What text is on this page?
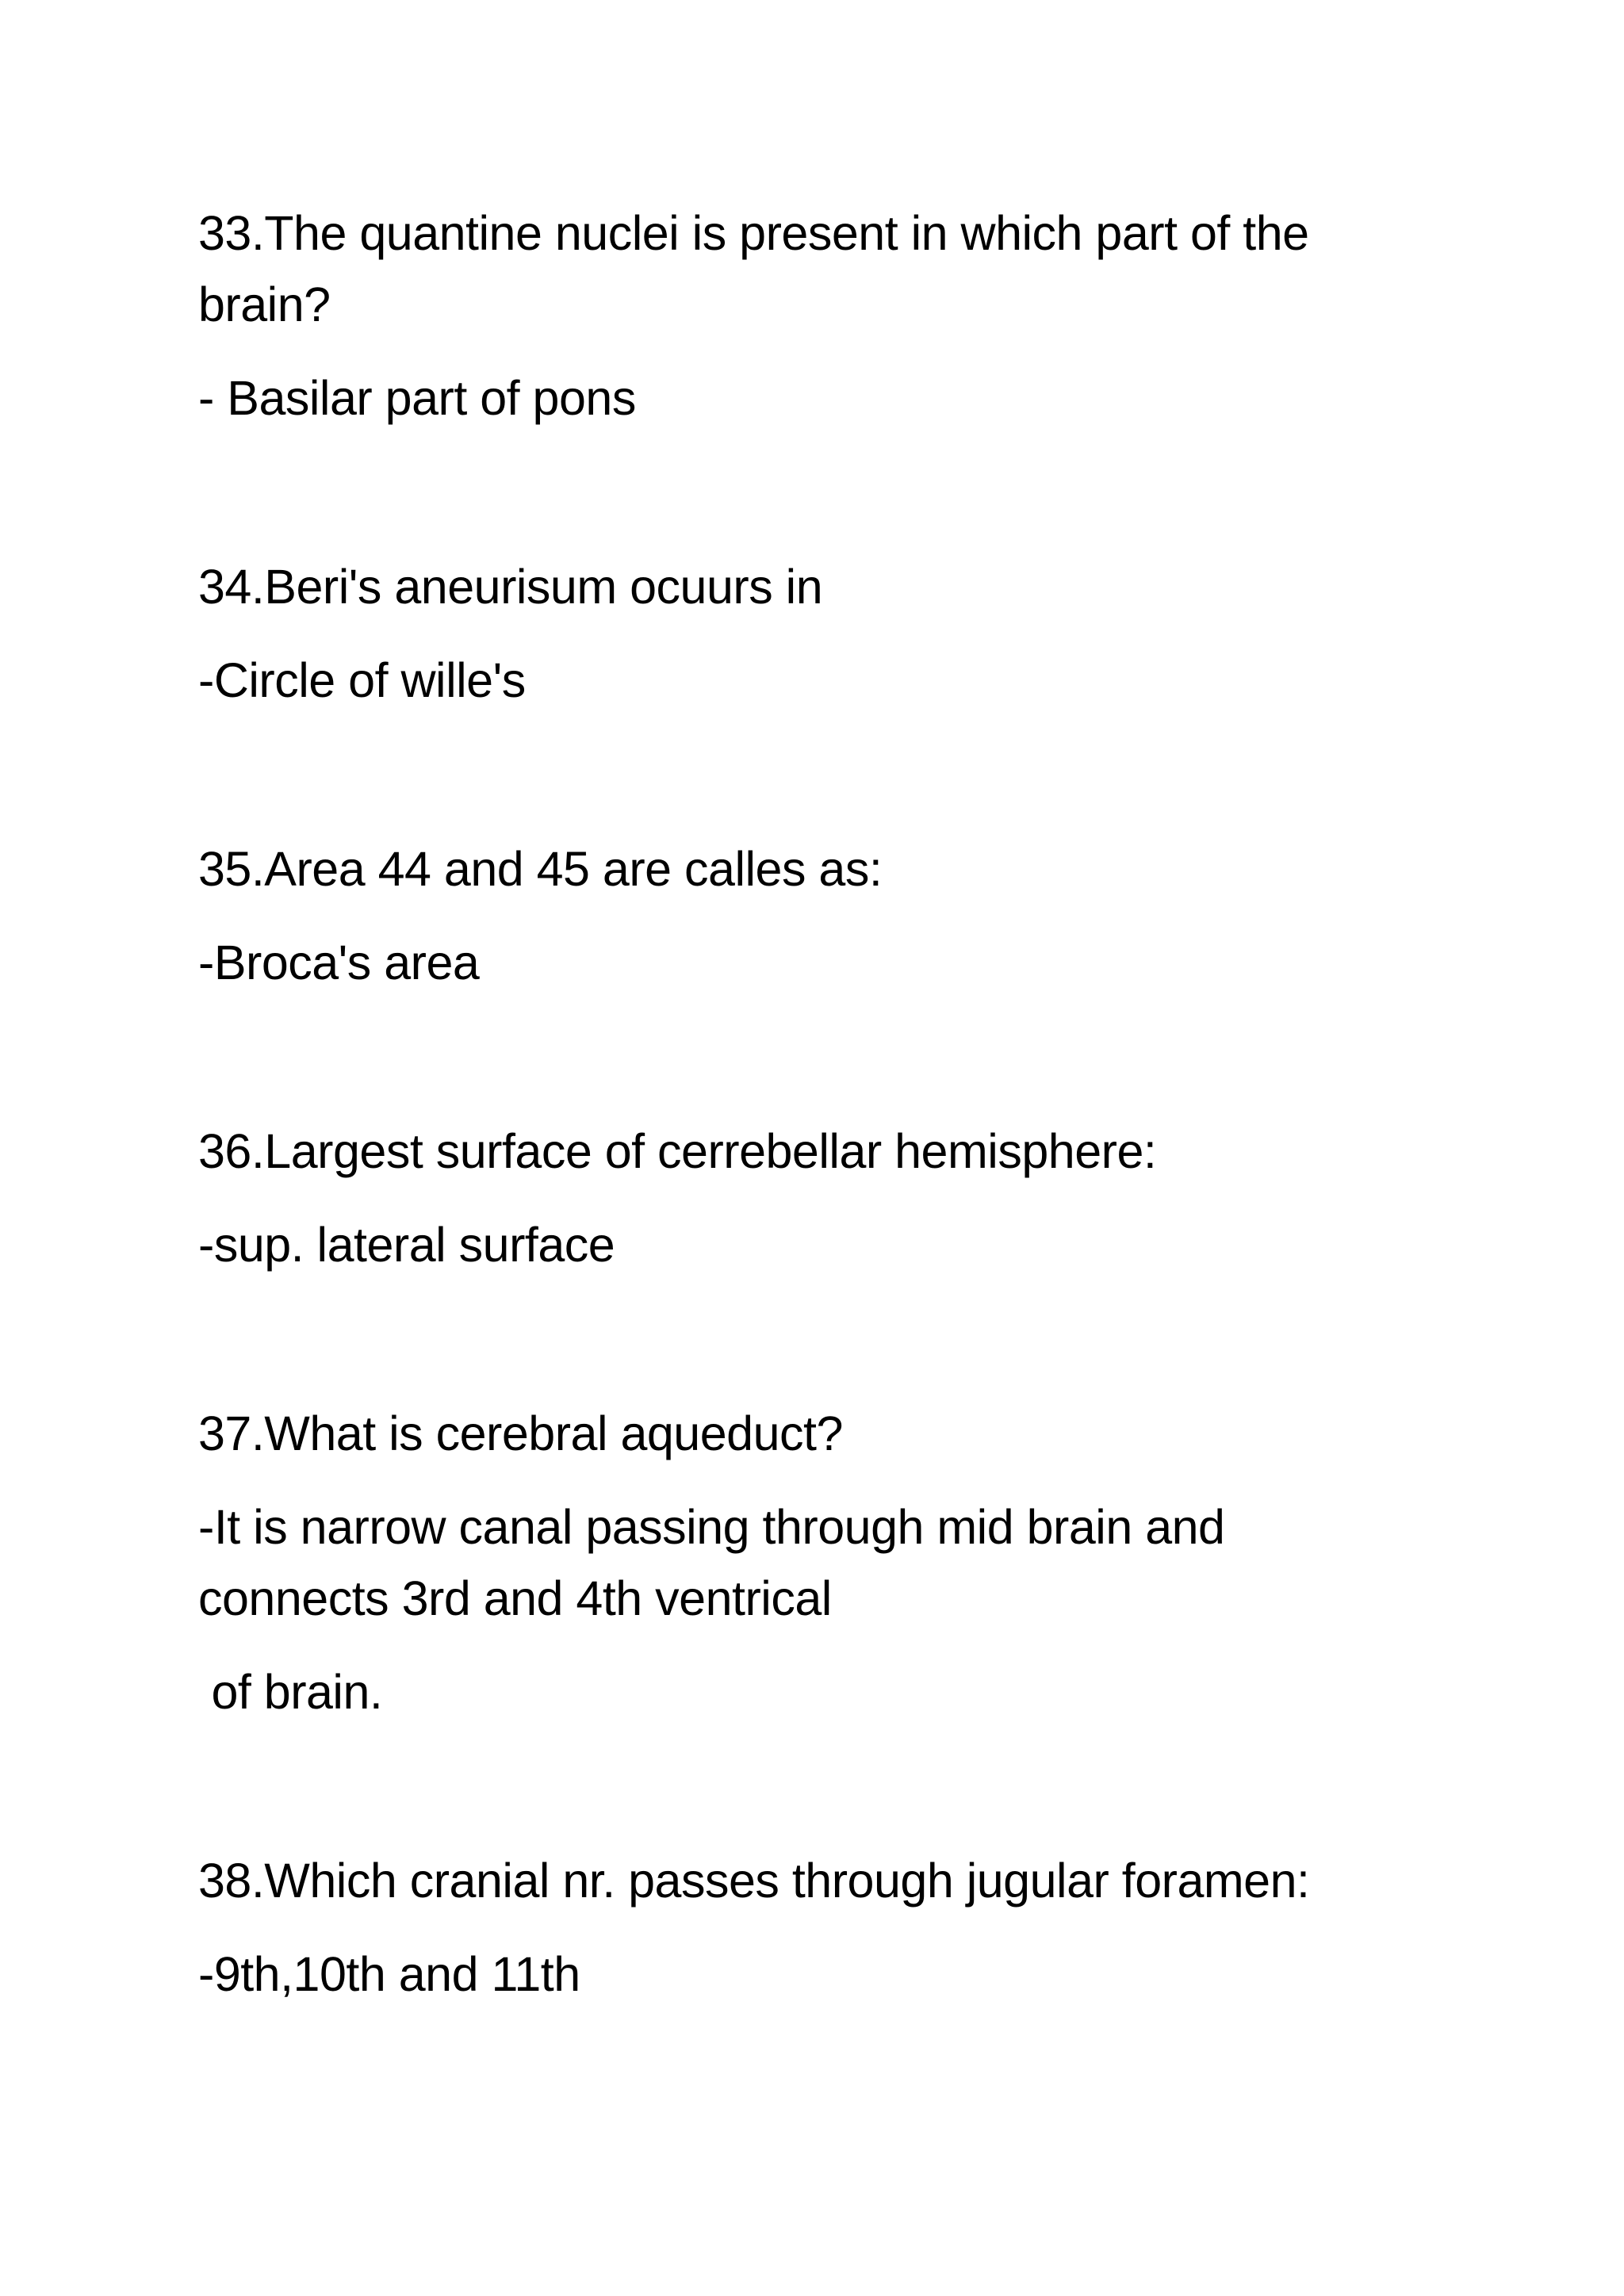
33.The quantine nuclei is present in which part of the

brain?

- Basilar part of pons

34.Beri's aneurisum ocuurs in

-Circle of wille's

35.Area 44 and 45 are calles as:

-Broca's area

36.Largest surface of cerrebellar hemisphere:

-sup. lateral surface

37.What is cerebral aqueduct?

-It is narrow canal passing through mid brain and

connects 3rd and 4th ventrical

of brain.

38.Which cranial nr. passes through jugular foramen:

-9th,10th and 11th
